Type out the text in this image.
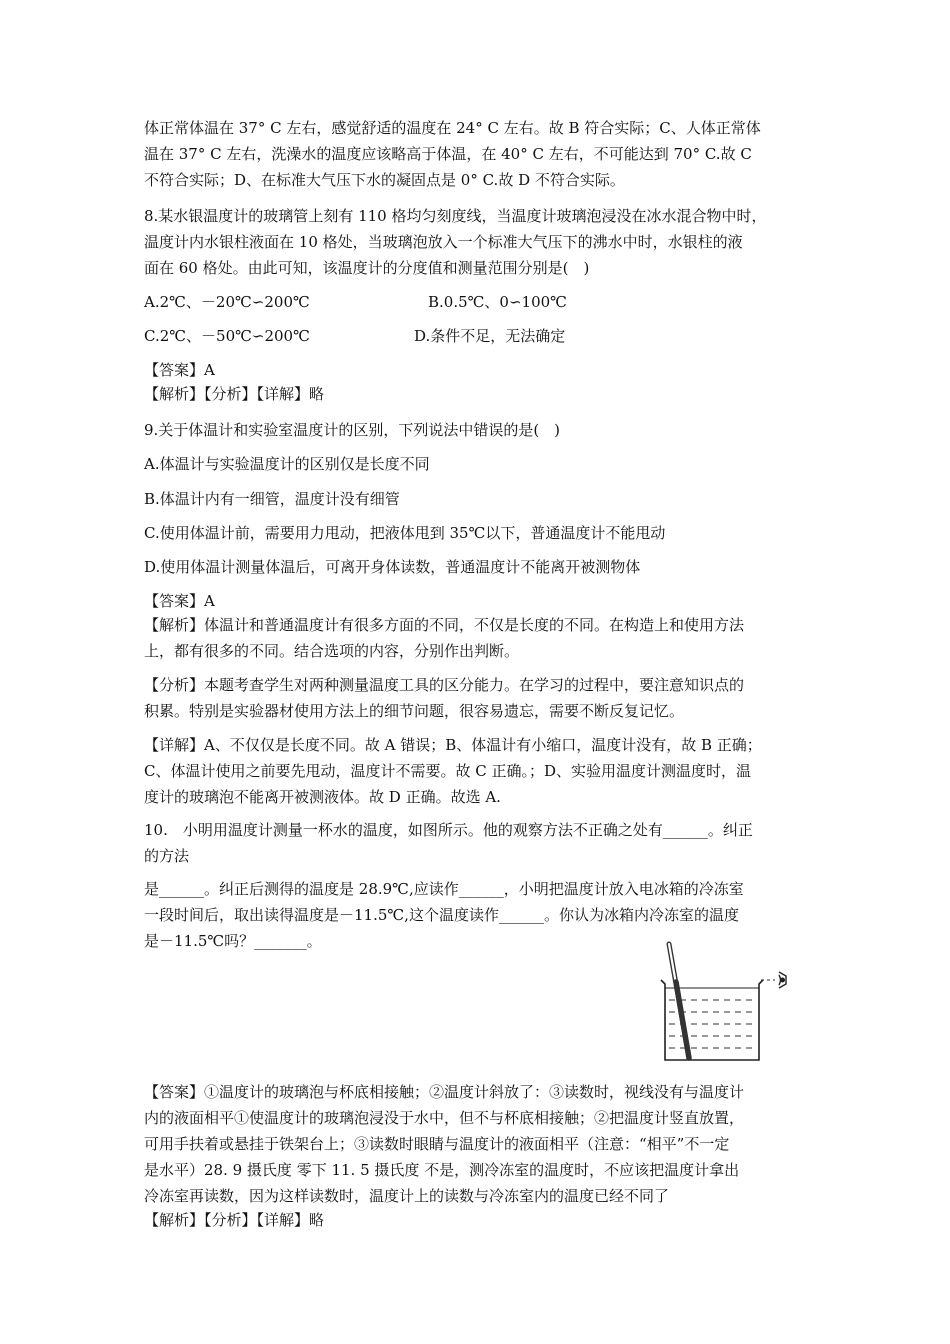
体正常体温在 37° C 左右，感觉舒适的温度在 24° C 左右。故 B 符合实际；C、人体正常体
温在 37° C 左右，洗澡水的温度应该略高于体温，在 40° C 左右，不可能达到 70° C.故 C
不符合实际；D、在标准大气压下水的凝固点是 0° C.故 D 不符合实际。
8.某水银温度计的玻璃管上刻有 110 格均匀刻度线，当温度计玻璃泡浸没在冰水混合物中时，
温度计内水银柱液面在 10 格处，当玻璃泡放入一个标准大气压下的沸水中时，水银柱的液
面在 60 格处。由此可知，该温度计的分度值和测量范围分别是(　)
A.2℃、－20℃∽200℃	B.0.5℃、0∽100℃
C.2℃、－50℃∽200℃	D.条件不足，无法确定
【答案】A
【解析】【分析】【详解】略
9.关于体温计和实验室温度计的区别，下列说法中错误的是(　)
A.体温计与实验温度计的区别仅是长度不同
B.体温计内有一细管，温度计没有细管
C.使用体温计前，需要用力甩动，把液体甩到 35℃以下，普通温度计不能甩动
D.使用体温计测量体温后，可离开身体读数，普通温度计不能离开被测物体
【答案】A
【解析】体温计和普通温度计有很多方面的不同，不仅是长度的不同。在构造上和使用方法
上，都有很多的不同。结合选项的内容，分别作出判断。
【分析】本题考查学生对两种测量温度工具的区分能力。在学习的过程中，要注意知识点的
积累。特别是实验器材使用方法上的细节问题，很容易遗忘，需要不断反复记忆。
【详解】A、不仅仅是长度不同。故 A 错误；B、体温计有小缩口，温度计没有，故 B 正确；
C、体温计使用之前要先甩动，温度计不需要。故 C 正确。；D、实验用温度计测温度时，温
度计的玻璃泡不能离开被测液体。故 D 正确。故选 A.
10.　小明用温度计测量一杯水的温度，如图所示。他的观察方法不正确之处有______。纠正
的方法
是______。纠正后测得的温度是 28.9℃,应读作______，小明把温度计放入电冰箱的冷冻室
一段时间后，取出读得温度是－11.5℃,这个温度读作______。你认为冰箱内冷冻室的温度
是－11.5℃吗？_______。
【答案】①温度计的玻璃泡与杯底相接触；②温度计斜放了：③读数时，视线没有与温度计
内的液面相平①使温度计的玻璃泡浸没于水中，但不与杯底相接触；②把温度计竖直放置，
可用手扶着或悬挂于铁架台上；③读数时眼睛与温度计的液面相平（注意：“相平”不一定
是水平）28. 9 摄氏度 零下 11. 5 摄氏度 不是，测冷冻室的温度时，不应该把温度计拿出
冷冻室再读数，因为这样读数时，温度计上的读数与冷冻室内的温度已经不同了
【解析】【分析】【详解】略
